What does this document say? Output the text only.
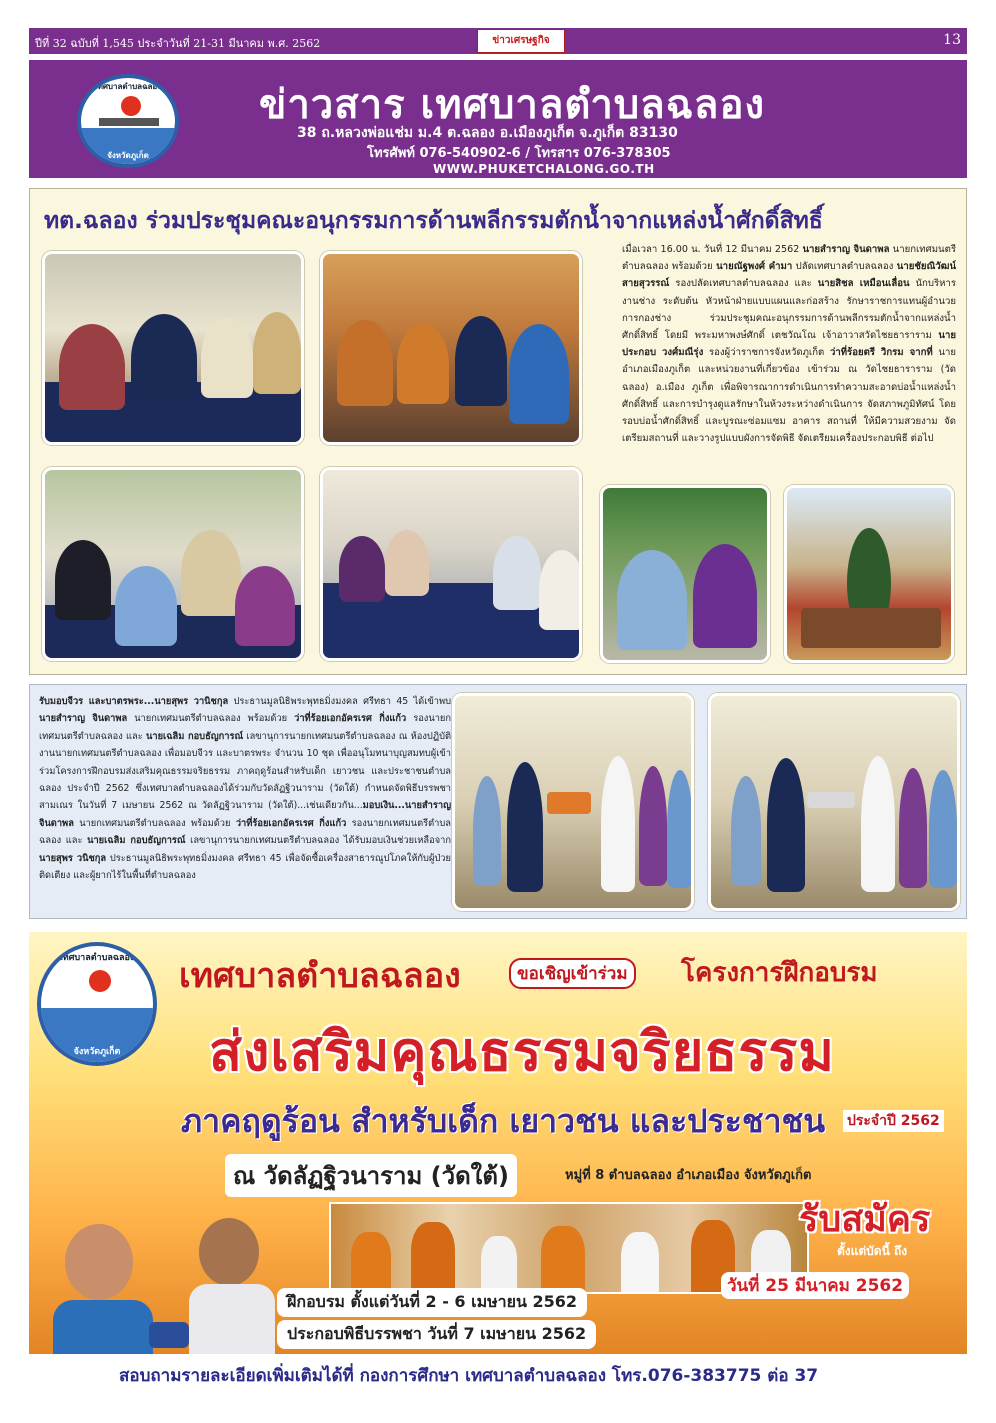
ปีที่ 32 ฉบับที่ 1,545 ประจำวันที่ 21-31 มีนาคม พ.ศ. 2562	ข่าวเศรษฐกิจ	13
เทศบาลตำบลฉลอง
จังหวัดภูเก็ต
ข่าวสาร เทศบาลตำบลฉลอง
38 ถ.หลวงพ่อแช่ม ม.4 ต.ฉลอง อ.เมืองภูเก็ต จ.ภูเก็ต 83130
โทรศัพท์ 076-540902-6 / โทรสาร 076-378305
WWW.PHUKETCHALONG.GO.TH
ทต.ฉลอง ร่วมประชุมคณะอนุกรรมการด้านพลีกรรมตักน้ำจากแหล่งน้ำศักดิ์สิทธิ์
เมื่อเวลา 16.00 น. วันที่ 12 มีนาคม 2562 นายสำราญ จินดาพล นายกเทศมนตรีตำบลฉลอง พร้อมด้วย นายณัฐพงศ์ คำมา ปลัดเทศบาลตำบลฉลอง นายชัยณิวัฒน์ สายสุวรรณ์ รองปลัดเทศบาลตำบลฉลอง และ นายสิชล เหมือนเลื่อน นักบริหารงานช่าง ระดับต้น หัวหน้าฝ่ายแบบแผนและก่อสร้าง รักษาราชการแทนผู้อำนวยการกองช่าง ร่วมประชุมคณะอนุกรรมการด้านพลีกรรมตักน้ำจากแหล่งน้ำศักดิ์สิทธิ์ โดยมี พระมหาพงษ์ศักดิ์ เตชวัณโณ เจ้าอาวาสวัดไชยธาราราม นายประกอบ วงศ์มณีรุ่ง รองผู้ว่าราชการจังหวัดภูเก็ต ว่าที่ร้อยตรี วิกรม จากที่ นายอำเภอเมืองภูเก็ต และหน่วยงานที่เกี่ยวข้อง เข้าร่วม ณ วัดไชยธาราราม (วัดฉลอง) อ.เมือง ภูเก็ต เพื่อพิจารณาการดำเนินการทำความสะอาดบ่อน้ำแหล่งน้ำศักดิ์สิทธิ์ และการบำรุงดูแลรักษาในห้วงระหว่างดำเนินการ จัดสภาพภูมิทัศน์ โดยรอบบ่อน้ำศักดิ์สิทธิ์ และบูรณะซ่อมแซม อาคาร สถานที่ ให้มีความสวยงาม จัดเตรียมสถานที่ และวางรูปแบบผังการจัดพิธี จัดเตรียมเครื่องประกอบพิธี ต่อไป
รับมอบจีวร และบาตรพระ...นายสุพร วานิชกุล ประธานมูลนิธิพระพุทธมิ่งมงคล ศรีทธา 45 ได้เข้าพบ นายสำราญ จินดาพล นายกเทศมนตรีตำบลฉลอง พร้อมด้วย ว่าที่ร้อยเอกอัครเรศ กิ่งแก้ว รองนายกเทศมนตรีตำบลฉลอง และ นายเฉลิม กอบธัญการณ์ เลขานุการนายกเทศมนตรีตำบลฉลอง ณ ห้องปฏิบัติงานนายกเทศมนตรีตำบลฉลอง เพื่อมอบจีวร และบาตรพระ จำนวน 10 ชุด เพื่ออนุโมทนาบุญสมทบผู้เข้าร่วมโครงการฝึกอบรมส่งเสริมคุณธรรมจริยธรรม ภาคฤดูร้อนสำหรับเด็ก เยาวชน และประชาชนตำบลฉลอง ประจำปี 2562 ซึ่งเทศบาลตำบลฉลองได้ร่วมกับวัดลัฏฐิวนาราม (วัดใต้) กำหนดจัดพิธีบรรพชาสามเณร ในวันที่ 7 เมษายน 2562 ณ วัดลัฏฐิวนาราม (วัดใต้)...เช่นเดียวกัน...มอบเงิน...นายสำราญ จินดาพล นายกเทศมนตรีตำบลฉลอง พร้อมด้วย ว่าที่ร้อยเอกอัครเรศ กิ่งแก้ว รองนายกเทศมนตรีตำบลฉลอง และ นายเฉลิม กอบธัญการณ์ เลขานุการนายกเทศมนตรีตำบลฉลอง ได้รับมอบเงินช่วยเหลือจาก นายสุพร วนิชกุล ประธานมูลนิธิพระพุทธมิ่งมงคล ศรีทธา 45 เพื่อจัดซื้อเครื่องสาธารณูปโภคให้กับผู้ป่วยติดเตียง และผู้ยากไร้ในพื้นที่ตำบลฉลอง
เทศบาลตำบลฉลอง
จังหวัดภูเก็ต
เทศบาลตำบลฉลอง	ขอเชิญเข้าร่วม	โครงการฝึกอบรม
ส่งเสริมคุณธรรมจริยธรรม
ภาคฤดูร้อน สำหรับเด็ก เยาวชน และประชาชน ประจำปี 2562
ณ วัดลัฏฐิวนาราม (วัดใต้)	หมู่ที่ 8 ตำบลฉลอง อำเภอเมือง จังหวัดภูเก็ต
รับสมัคร
ตั้งแต่บัดนี้ ถึง
วันที่ 25 มีนาคม 2562
ฝึกอบรม ตั้งแต่วันที่ 2 - 6 เมษายน 2562
ประกอบพิธีบรรพชา วันที่ 7 เมษายน 2562
สอบถามรายละเอียดเพิ่มเติมได้ที่ กองการศึกษา เทศบาลตำบลฉลอง โทร.076-383775 ต่อ 37
